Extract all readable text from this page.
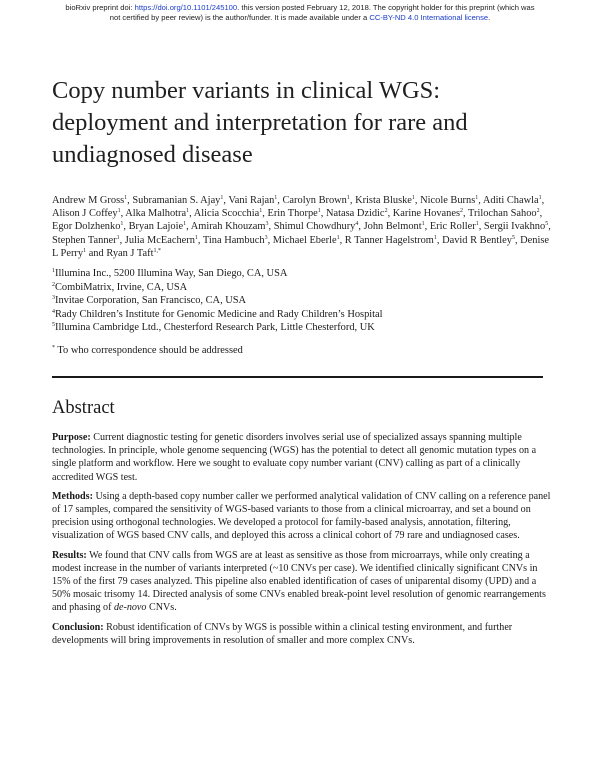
bioRxiv preprint doi: https://doi.org/10.1101/245100. this version posted February 12, 2018. The copyright holder for this preprint (which was
not certified by peer review) is the author/funder. It is made available under a CC-BY-ND 4.0 International license.
Copy number variants in clinical WGS: deployment and interpretation for rare and undiagnosed disease
Andrew M Gross$^1$, Subramanian S. Ajay$^1$, Vani Rajan$^1$, Carolyn Brown$^1$, Krista Bluske$^1$, Nicole Burns$^1$, Aditi Chawla$^1$, Alison J Coffey$^1$, Alka Malhotra$^1$, Alicia Scocchia$^1$, Erin Thorpe$^1$, Natasa Dzidic$^2$, Karine Hovanes$^2$, Trilochan Sahoo$^2$, Egor Dolzhenko$^1$, Bryan Lajoie$^1$, Amirah Khouzam$^3$, Shimul Chowdhury$^4$, John Belmont$^1$, Eric Roller$^1$, Sergii Ivakhno$^5$, Stephen Tanner$^1$, Julia McEachern$^1$, Tina Hambuch$^3$, Michael Eberle$^1$, R Tanner Hagelstrom$^1$, David R Bentley$^5$, Denise L Perry$^1$ and Ryan J Taft$^{1,*}$
$^1$Illumina Inc., 5200 Illumina Way, San Diego, CA, USA
$^2$CombiMatrix, Irvine, CA, USA
$^3$Invitae Corporation, San Francisco, CA, USA
$^4$Rady Children’s Institute for Genomic Medicine and Rady Children’s Hospital
$^5$Illumina Cambridge Ltd., Chesterford Research Park, Little Chesterford, UK
* To who correspondence should be addressed
Abstract

Purpose: Current diagnostic testing for genetic disorders involves serial use of specialized assays spanning multiple technologies. In principle, whole genome sequencing (WGS) has the potential to detect all genomic mutation types on a single platform and workflow. Here we sought to evaluate copy number variant (CNV) calling as part of a clinically accredited WGS test.

Methods: Using a depth-based copy number caller we performed analytical validation of CNV calling on a reference panel of 17 samples, compared the sensitivity of WGS-based variants to those from a clinical microarray, and set a bound on precision using orthogonal technologies. We developed a protocol for family-based analysis, annotation, filtering, visualization of WGS based CNV calls, and deployed this across a clinical cohort of 79 rare and undiagnosed cases.

Results: We found that CNV calls from WGS are at least as sensitive as those from microarrays, while only creating a modest increase in the number of variants interpreted (~10 CNVs per case). We identified clinically significant CNVs in 15% of the first 79 cases analyzed. This pipeline also enabled identification of cases of uniparental disomy (UPD) and a 50% mosaic trisomy 14. Directed analysis of some CNVs enabled break-point level resolution of genomic rearrangements and phasing of de-novo CNVs.

Conclusion: Robust identification of CNVs by WGS is possible within a clinical testing environment, and further developments will bring improvements in resolution of smaller and more complex CNVs.
